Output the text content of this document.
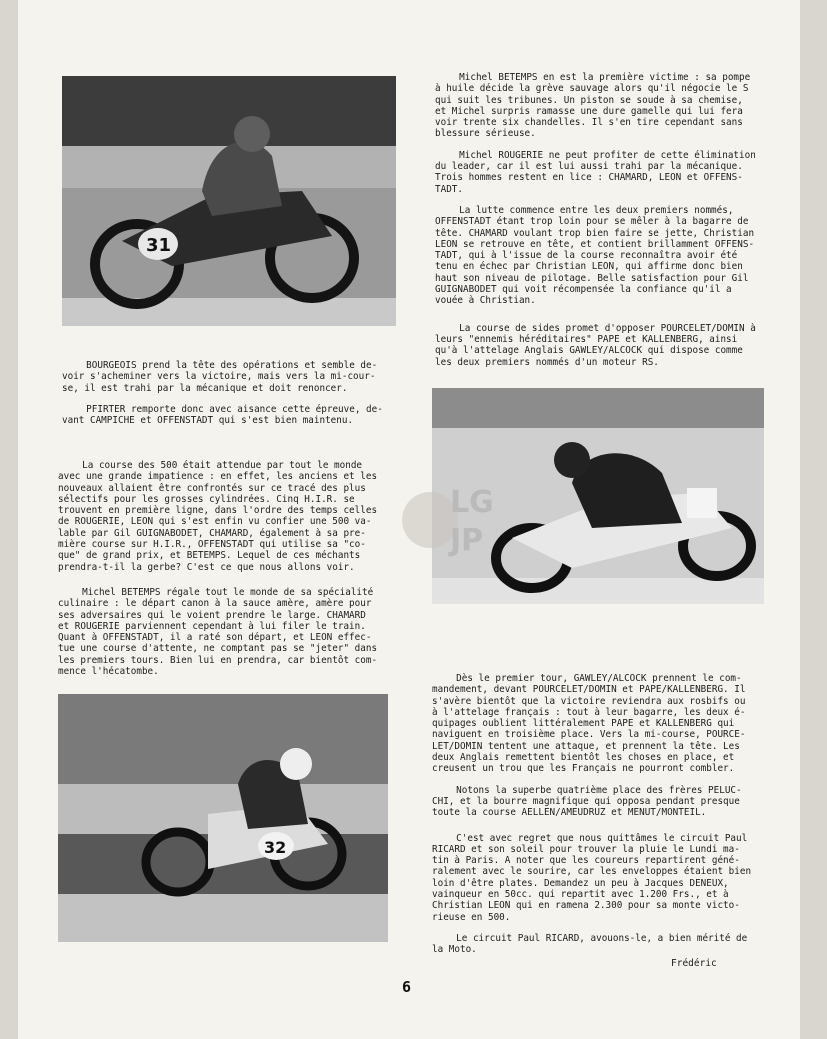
31

BOURGEOIS prend la tête des opérations et semble de-
voir s'acheminer vers la victoire, mais vers la mi-cour-
se, il est trahi par la mécanique et doit renoncer.

PFIRTER remporte donc avec aisance cette épreuve, de-
vant CAMPICHE et OFFENSTADT qui s'est bien maintenu.

La course des 500 était attendue par tout le monde
avec une grande impatience : en effet, les anciens et les
nouveaux allaient être confrontés sur ce tracé des plus
sélectifs pour les grosses cylindrées. Cinq H.I.R. se
trouvent en première ligne, dans l'ordre des temps celles
de ROUGERIE, LEON qui s'est enfin vu confier une 500 va-
lable par Gil GUIGNABODET, CHAMARD, également à sa pre-
mière course sur H.I.R., OFFENSTADT qui utilise sa "co-
que" de grand prix, et BETEMPS. Lequel de ces méchants
prendra-t-il la gerbe? C'est ce que nous allons voir.

Michel BETEMPS régale tout le monde de sa spécialité
culinaire : le départ canon à la sauce amère, amère pour
ses adversaires qui le voient prendre le large. CHAMARD
et ROUGERIE parviennent cependant à lui filer le train.
Quant à OFFENSTADT, il a raté son départ, et LEON effec-
tue une course d'attente, ne comptant pas se "jeter" dans
les premiers tours. Bien lui en prendra, car bientôt com-
mence l'hécatombe.

32

Michel BETEMPS en est la première victime : sa pompe
à huile décide la grève sauvage alors qu'il négocie le S
qui suit les tribunes. Un piston se soude à sa chemise,
et Michel surpris ramasse une dure gamelle qui lui fera
voir trente six chandelles. Il s'en tire cependant sans
blessure sérieuse.

Michel ROUGERIE ne peut profiter de cette élimination
du leader, car il est lui aussi trahi par la mécanique.
Trois hommes restent en lice : CHAMARD, LEON et OFFENS-
TADT.

La lutte commence entre les deux premiers nommés,
OFFENSTADT étant trop loin pour se mêler à la bagarre de
tête. CHAMARD voulant trop bien faire se jette, Christian
LEON se retrouve en tête, et contient brillamment OFFENS-
TADT, qui à l'issue de la course reconnaîtra avoir été
tenu en échec par Christian LEON, qui affirme donc bien
haut son niveau de pilotage. Belle satisfaction pour Gil
GUIGNABODET qui voit récompensée la confiance qu'il a
vouée à Christian.

La course de sides promet d'opposer POURCELET/DOMIN à
leurs "ennemis héréditaires" PAPE et KALLENBERG, ainsi
qu'à l'attelage Anglais GAWLEY/ALCOCK qui dispose comme
les deux premiers nommés d'un moteur RS.

Dès le premier tour, GAWLEY/ALCOCK prennent le com-
mandement, devant POURCELET/DOMIN et PAPE/KALLENBERG. Il
s'avère bientôt que la victoire reviendra aux rosbifs ou
à l'attelage français : tout à leur bagarre, les deux é-
quipages oublient littéralement PAPE et KALLENBERG qui
naviguent en troisième place. Vers la mi-course, POURCE-
LET/DOMIN tentent une attaque, et prennent la tête. Les
deux Anglais remettent bientôt les choses en place, et
creusent un trou que les Français ne pourront combler.

Notons la superbe quatrième place des frères PELUC-
CHI, et la bourre magnifique qui opposa pendant presque
toute la course AELLEN/AMEUDRUZ et MENUT/MONTEIL.

C'est avec regret que nous quittâmes le circuit Paul
RICARD et son soleil pour trouver la pluie le Lundi ma-
tin à Paris. A noter que les coureurs repartirent géné-
ralement avec le sourire, car les enveloppes étaient bien
loin d'être plates. Demandez un peu à Jacques DENEUX,
vainqueur en 50cc. qui repartit avec 1.200 Frs., et à
Christian LEON qui en ramena 2.300 pour sa monte victo-
rieuse en 500.

Le circuit Paul RICARD, avouons-le, a bien mérité de
la Moto.

Frédéric
6
LG
JP
